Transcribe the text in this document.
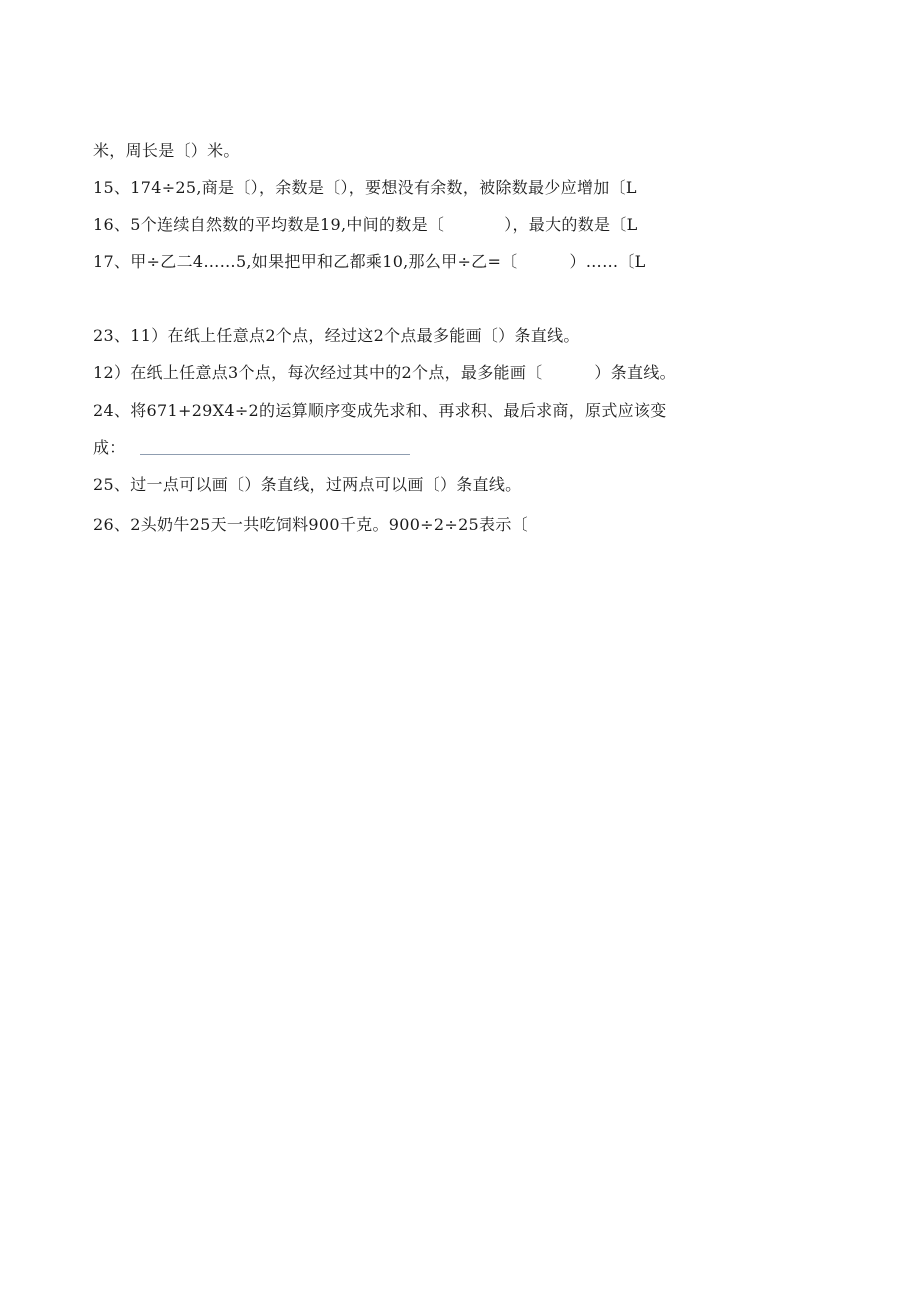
米，周长是〔）米。
15、174÷25,商是〔），余数是〔），要想没有余数，被除数最少应增加〔L
16、5个连续自然数的平均数是19,中间的数是〔	），最大的数是〔L
17、甲÷乙二4……5,如果把甲和乙都乘10,那么甲÷乙=〔	）……〔L
23、11）在纸上任意点2个点，经过这2个点最多能画〔）条直线。
12）在纸上任意点3个点，每次经过其中的2个点，最多能画〔	）条直线。
24、将671+29X4÷2的运算顺序变成先求和、再求积、最后求商，原式应该变
成：
25、过一点可以画〔）条直线，过两点可以画〔）条直线。
26、2头奶牛25天一共吃饲料900千克。900÷2÷25表示〔
